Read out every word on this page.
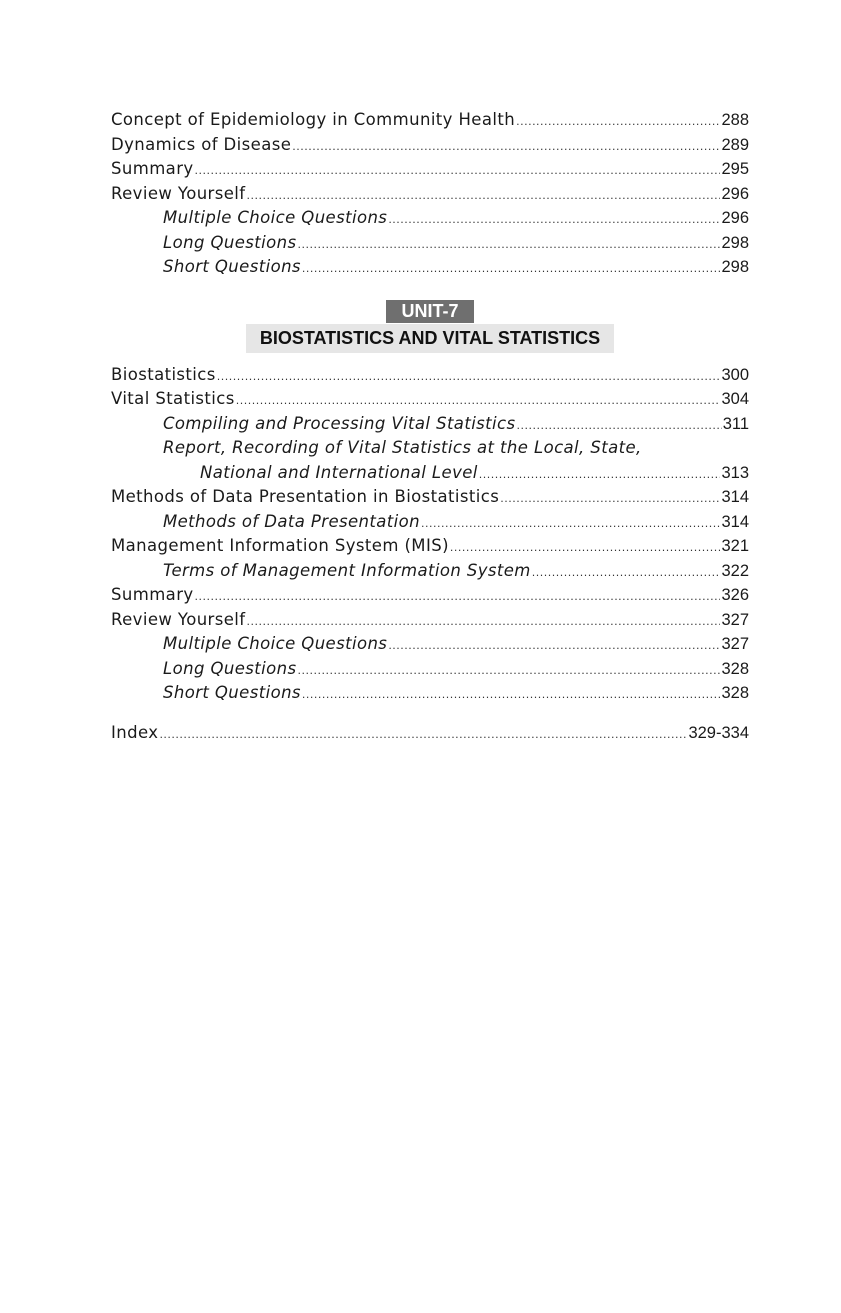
Concept of Epidemiology in Community Health .....	288
Dynamics of Disease .....	289
Summary .....	295
Review Yourself .....	296
Multiple Choice Questions .....	296
Long Questions .....	298
Short Questions .....	298
UNIT-7
BIOSTATISTICS AND VITAL STATISTICS
Biostatistics .....	300
Vital Statistics .....	304
Compiling and Processing Vital Statistics .....	311
Report, Recording of Vital Statistics at the Local, State,
National and International Level .....	313
Methods of Data Presentation in Biostatistics .....	314
Methods of Data Presentation .....	314
Management Information System (MIS) .....	321
Terms of Management Information System .....	322
Summary .....	326
Review Yourself .....	327
Multiple Choice Questions .....	327
Long Questions .....	328
Short Questions .....	328
Index .....	329-334
